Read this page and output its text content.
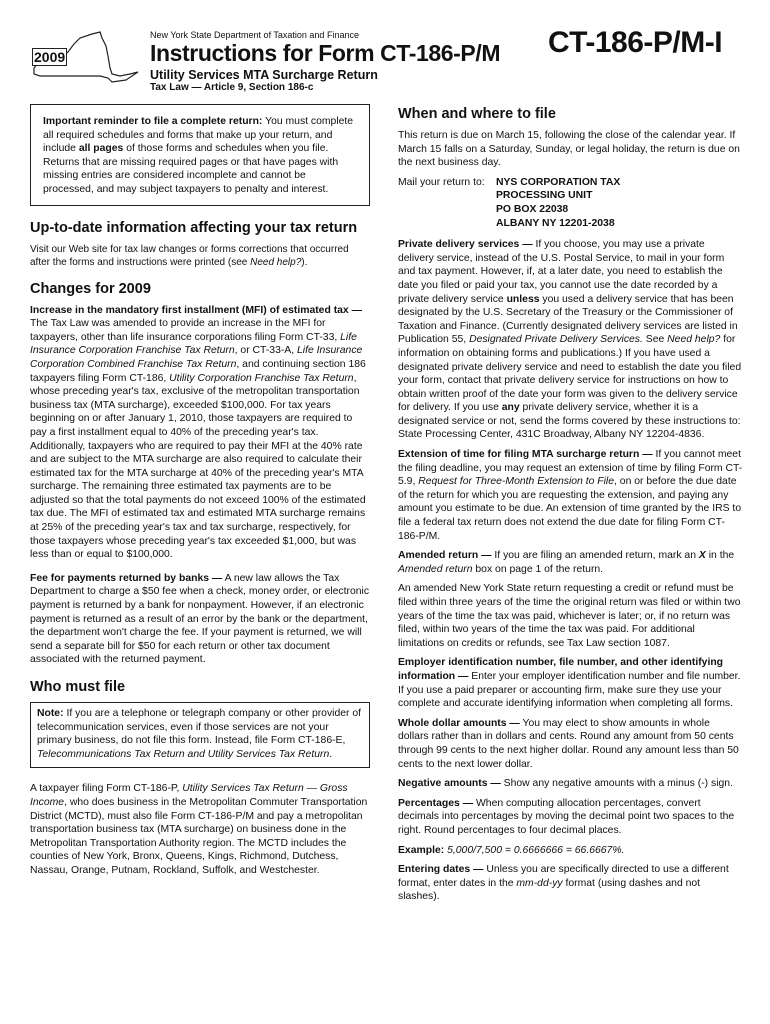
2009
New York State Department of Taxation and Finance
Instructions for Form CT-186-P/M
Utility Services MTA Surcharge Return
Tax Law — Article 9, Section 186-c
CT-186-P/M-I
Important reminder to file a complete return: You must complete all required schedules and forms that make up your return, and include all pages of those forms and schedules when you file. Returns that are missing required pages or that have pages with missing entries are considered incomplete and cannot be processed, and may subject taxpayers to penalty and interest.
Up-to-date information affecting your tax return

Visit our Web site for tax law changes or forms corrections that occurred after the forms and instructions were printed (see Need help?).

Changes for 2009

Increase in the mandatory first installment (MFI) of estimated tax — The Tax Law was amended to provide an increase in the MFI for taxpayers, other than life insurance corporations filing Form CT-33, Life Insurance Corporation Franchise Tax Return, or CT-33-A, Life Insurance Corporation Combined Franchise Tax Return, and continuing section 186 taxpayers filing Form CT-186, Utility Corporation Franchise Tax Return, whose preceding year's tax, exclusive of the metropolitan transportation business tax (MTA surcharge), exceeded $100,000. For tax years beginning on or after January 1, 2010, those taxpayers are required to pay a first installment equal to 40% of the preceding year's tax. Additionally, taxpayers who are required to pay their MFI at the 40% rate and are subject to the MTA surcharge are also required to calculate their estimated tax for the MTA surcharge at 40% of the preceding year's MTA surcharge. The remaining three estimated tax payments are to be adjusted so that the total payments do not exceed 100% of the estimated tax due. The MFI of estimated tax and estimated MTA surcharge remains at 25% of the preceding year's tax and tax surcharge, respectively, for those taxpayers whose preceding year's tax exceeded $1,000, but was less than or equal to $100,000.

Fee for payments returned by banks — A new law allows the Tax Department to charge a $50 fee when a check, money order, or electronic payment is returned by a bank for nonpayment. However, if an electronic payment is returned as a result of an error by the bank or the department, the department won't charge the fee. If your payment is returned, we will send a separate bill for $50 for each return or other tax document associated with the returned payment.

Who must file
Note: If you are a telephone or telegraph company or other provider of telecommunication services, even if those services are not your primary business, do not file this form. Instead, file Form CT-186-E, Telecommunications Tax Return and Utility Services Tax Return.

A taxpayer filing Form CT-186-P, Utility Services Tax Return — Gross Income, who does business in the Metropolitan Commuter Transportation District (MCTD), must also file Form CT-186-P/M and pay a metropolitan transportation business tax (MTA surcharge) on business done in the Metropolitan Transportation Authority region. The MCTD includes the counties of New York, Bronx, Queens, Kings, Richmond, Dutchess, Nassau, Orange, Putnam, Rockland, Suffolk, and Westchester.

When and where to file

This return is due on March 15, following the close of the calendar year. If March 15 falls on a Saturday, Sunday, or legal holiday, the return is due on the next business day.

Mail your return to:	NYS CORPORATION TAX
PROCESSING UNIT
PO BOX 22038
ALBANY NY 12201-2038

Private delivery services — If you choose, you may use a private delivery service, instead of the U.S. Postal Service, to mail in your form and tax payment. However, if, at a later date, you need to establish the date you filed or paid your tax, you cannot use the date recorded by a private delivery service unless you used a delivery service that has been designated by the U.S. Secretary of the Treasury or the Commissioner of Taxation and Finance. (Currently designated delivery services are listed in Publication 55, Designated Private Delivery Services. See Need help? for information on obtaining forms and publications.) If you have used a designated private delivery service and need to establish the date you filed your form, contact that private delivery service for instructions on how to obtain written proof of the date your form was given to the delivery service for delivery. If you use any private delivery service, whether it is a designated service or not, send the forms covered by these instructions to: State Processing Center, 431C Broadway, Albany NY 12204-4836.

Extension of time for filing MTA surcharge return — If you cannot meet the filing deadline, you may request an extension of time by filing Form CT-5.9, Request for Three-Month Extension to File, on or before the due date of the return for which you are requesting the extension, and paying any amount you estimate to be due. An extension of time granted by the IRS to file a federal tax return does not extend the due date for filing Form CT-186-P/M.

Amended return — If you are filing an amended return, mark an X in the Amended return box on page 1 of the return.

An amended New York State return requesting a credit or refund must be filed within three years of the time the original return was filed or within two years of the time the tax was paid, whichever is later; or, if no return was filed, within two years of the time the tax was paid. For additional limitations on credits or refunds, see Tax Law section 1087.

Employer identification number, file number, and other identifying information — Enter your employer identification number and file number. If you use a paid preparer or accounting firm, make sure they use your complete and accurate identifying information when completing all forms.

Whole dollar amounts — You may elect to show amounts in whole dollars rather than in dollars and cents. Round any amount from 50 cents through 99 cents to the next higher dollar. Round any amount less than 50 cents to the next lower dollar.

Negative amounts — Show any negative amounts with a minus (-) sign.

Percentages — When computing allocation percentages, convert decimals into percentages by moving the decimal point two spaces to the right. Round percentages to four decimal places.

Example: 5,000/7,500 = 0.6666666 = 66.6667%.

Entering dates — Unless you are specifically directed to use a different format, enter dates in the mm-dd-yy format (using dashes and not slashes).
